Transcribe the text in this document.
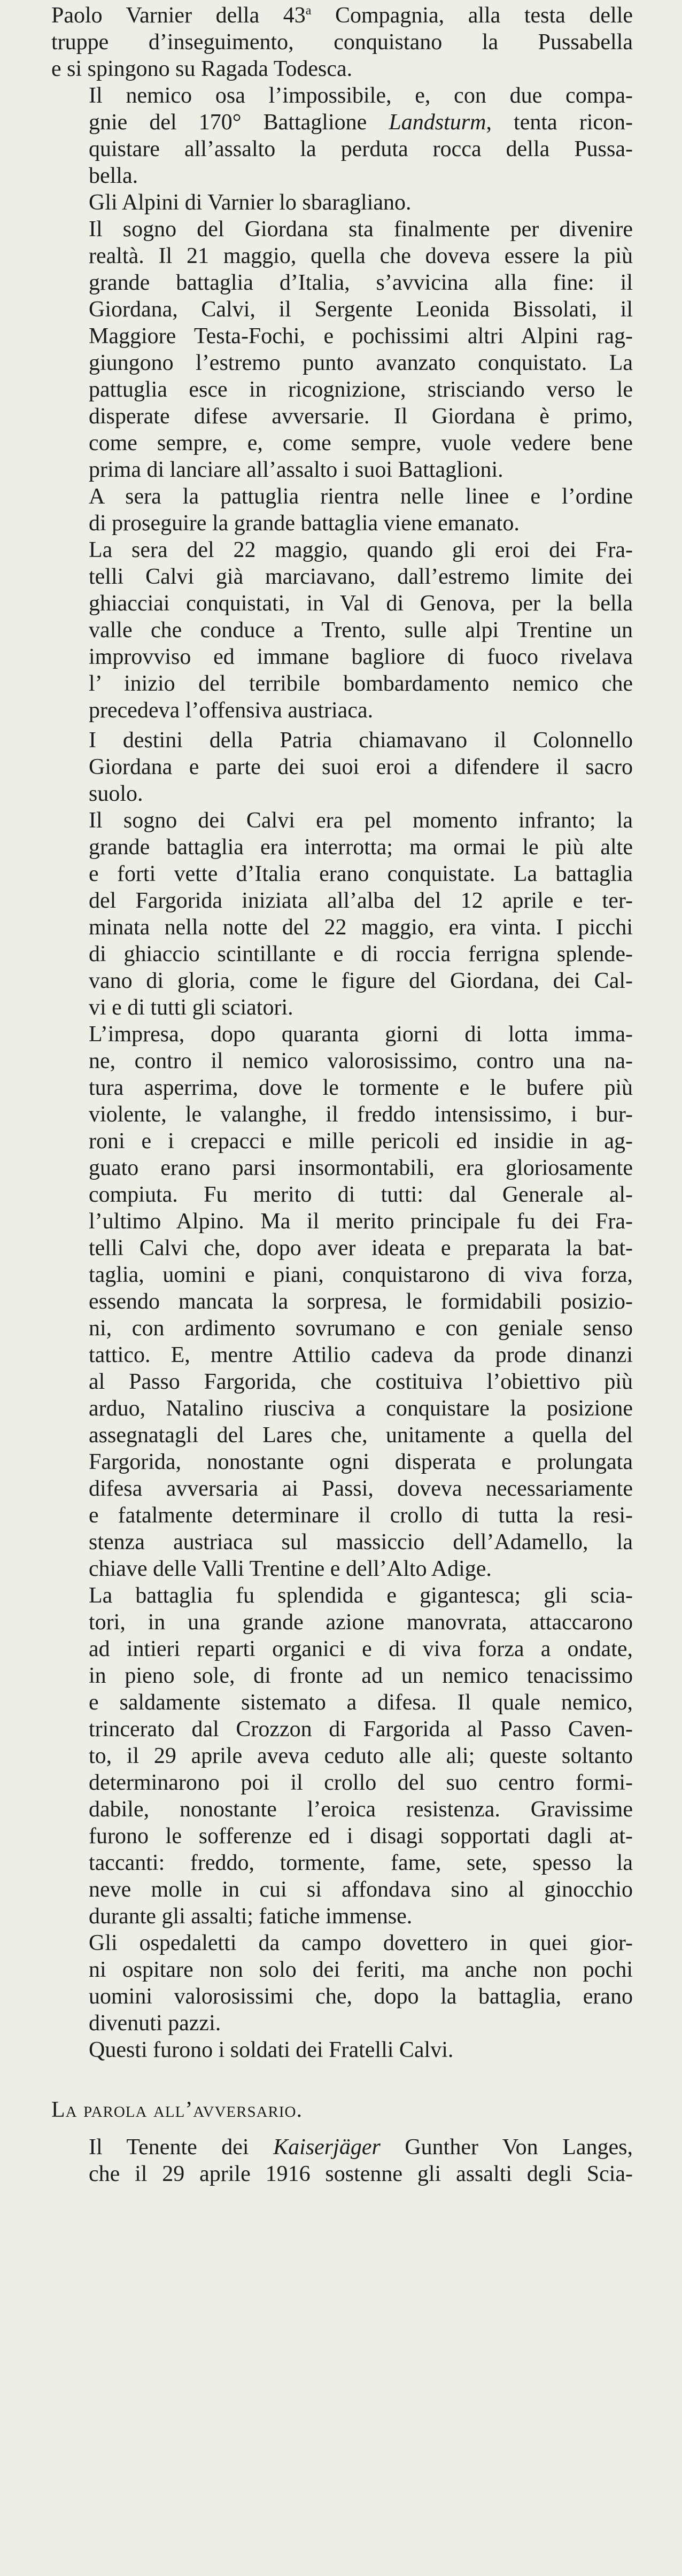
Paolo Varnier della 43$^a$ Compagnia, alla testa delle
truppe d’inseguimento, conquistano la Pussabella
e si spingono su Ragada Todesca.
Il nemico osa l’impossibile, e, con due compa-
gnie del 170° Battaglione Landsturm, tenta ricon-
quistare all’assalto la perduta rocca della Pussa-
bella.
Gli Alpini di Varnier lo sbaragliano.
Il sogno del Giordana sta finalmente per divenire
realtà. Il 21 maggio, quella che doveva essere la più
grande battaglia d’Italia, s’avvicina alla fine: il
Giordana, Calvi, il Sergente Leonida Bissolati, il
Maggiore Testa-Fochi, e pochissimi altri Alpini rag-
giungono l’estremo punto avanzato conquistato. La
pattuglia esce in ricognizione, strisciando verso le
disperate difese avversarie. Il Giordana è primo,
come sempre, e, come sempre, vuole vedere bene
prima di lanciare all’assalto i suoi Battaglioni.
A sera la pattuglia rientra nelle linee e l’ordine
di proseguire la grande battaglia viene emanato.
La sera del 22 maggio, quando gli eroi dei Fra-
telli Calvi già marciavano, dall’estremo limite dei
ghiacciai conquistati, in Val di Genova, per la bella
valle che conduce a Trento, sulle alpi Trentine un
improvviso ed immane bagliore di fuoco rivelava
l’ inizio del terribile bombardamento nemico che
precedeva l’offensiva austriaca.
I destini della Patria chiamavano il Colonnello
Giordana e parte dei suoi eroi a difendere il sacro
suolo.
Il sogno dei Calvi era pel momento infranto; la
grande battaglia era interrotta; ma ormai le più alte
e forti vette d’Italia erano conquistate. La battaglia
del Fargorida iniziata all’alba del 12 aprile e ter-
minata nella notte del 22 maggio, era vinta. I picchi
di ghiaccio scintillante e di roccia ferrigna splende-
vano di gloria, come le figure del Giordana, dei Cal-
vi e di tutti gli sciatori.
L’impresa, dopo quaranta giorni di lotta imma-
ne, contro il nemico valorosissimo, contro una na-
tura asperrima, dove le tormente e le bufere più
violente, le valanghe, il freddo intensissimo, i bur-
roni e i crepacci e mille pericoli ed insidie in ag-
guato erano parsi insormontabili, era gloriosamente
compiuta. Fu merito di tutti: dal Generale al-
l’ultimo Alpino. Ma il merito principale fu dei Fra-
telli Calvi che, dopo aver ideata e preparata la bat-
taglia, uomini e piani, conquistarono di viva forza,
essendo mancata la sorpresa, le formidabili posizio-
ni, con ardimento sovrumano e con geniale senso
tattico. E, mentre Attilio cadeva da prode dinanzi
al Passo Fargorida, che costituiva l’obiettivo più
arduo, Natalino riusciva a conquistare la posizione
assegnatagli del Lares che, unitamente a quella del
Fargorida, nonostante ogni disperata e prolungata
difesa avversaria ai Passi, doveva necessariamente
e fatalmente determinare il crollo di tutta la resi-
stenza austriaca sul massiccio dell’Adamello, la
chiave delle Valli Trentine e dell’Alto Adige.
La battaglia fu splendida e gigantesca; gli scia-
tori, in una grande azione manovrata, attaccarono
ad intieri reparti organici e di viva forza a ondate,
in pieno sole, di fronte ad un nemico tenacissimo
e saldamente sistemato a difesa. Il quale nemico,
trincerato dal Crozzon di Fargorida al Passo Caven-
to, il 29 aprile aveva ceduto alle ali; queste soltanto
determinarono poi il crollo del suo centro formi-
dabile, nonostante l’eroica resistenza. Gravissime
furono le sofferenze ed i disagi sopportati dagli at-
taccanti: freddo, tormente, fame, sete, spesso la
neve molle in cui si affondava sino al ginocchio
durante gli assalti; fatiche immense.
Gli ospedaletti da campo dovettero in quei gior-
ni ospitare non solo dei feriti, ma anche non pochi
uomini valorosissimi che, dopo la battaglia, erano
divenuti pazzi.
Questi furono i soldati dei Fratelli Calvi.
La parola all’avversario.
Il Tenente dei Kaiserjäger Gunther Von Langes,
che il 29 aprile 1916 sostenne gli assalti degli Scia-
